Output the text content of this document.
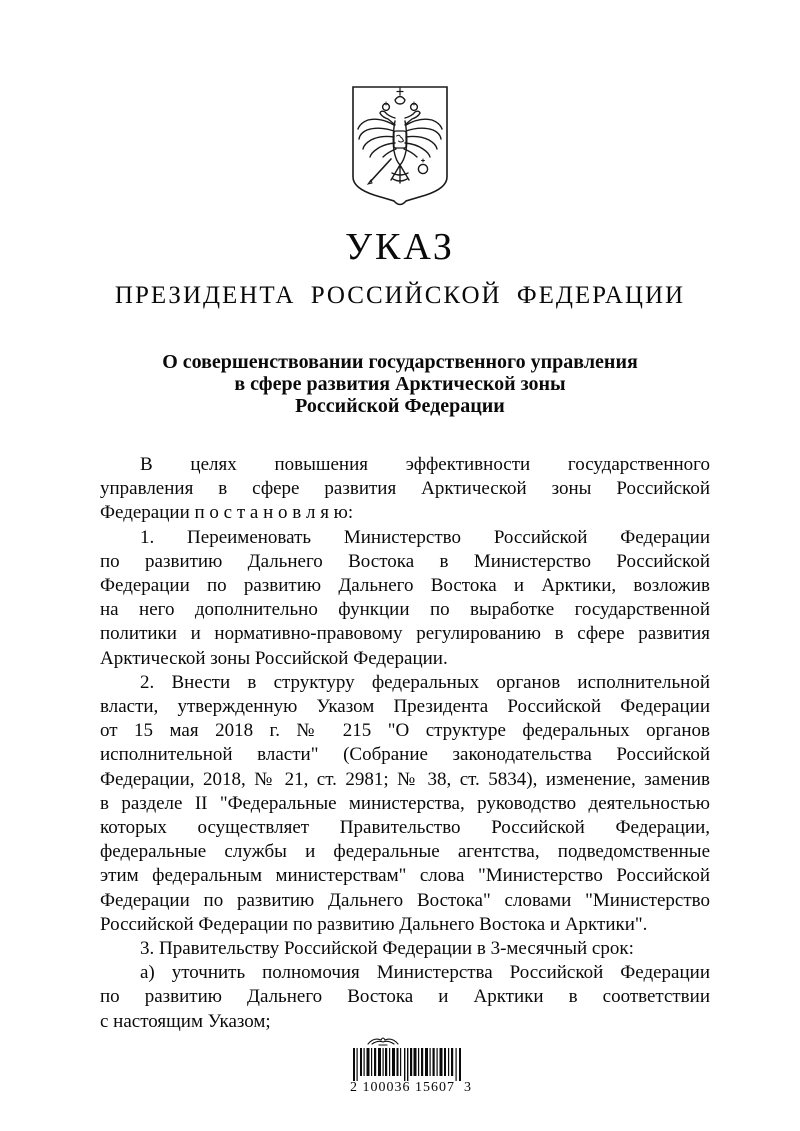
УКАЗ
ПРЕЗИДЕНТА РОССИЙСКОЙ ФЕДЕРАЦИИ
О совершенствовании государственного управления
в сфере развития Арктической зоны
Российской Федерации
В целях повышения эффективности государственного
управления в сфере развития Арктической зоны Российской
Федерации п о с т а н о в л я ю:
1. Переименовать Министерство Российской Федерации
по развитию Дальнего Востока в Министерство Российской
Федерации по развитию Дальнего Востока и Арктики, возложив
на него дополнительно функции по выработке государственной
политики и нормативно-правовому регулированию в сфере развития
Арктической зоны Российской Федерации.
2. Внести в структуру федеральных органов исполнительной
власти, утвержденную Указом Президента Российской Федерации
от 15 мая 2018 г. № 215 "О структуре федеральных органов
исполнительной власти" (Собрание законодательства Российской
Федерации, 2018, № 21, ст. 2981; № 38, ст. 5834), изменение, заменив
в разделе II "Федеральные министерства, руководство деятельностью
которых осуществляет Правительство Российской Федерации,
федеральные службы и федеральные агентства, подведомственные
этим федеральным министерствам" слова "Министерство Российской
Федерации по развитию Дальнего Востока" словами "Министерство
Российской Федерации по развитию Дальнего Востока и Арктики".
3. Правительству Российской Федерации в 3-месячный срок:
а) уточнить полномочия Министерства Российской Федерации
по развитию Дальнего Востока и Арктики в соответствии
с настоящим Указом;
2 100036 15607  3
